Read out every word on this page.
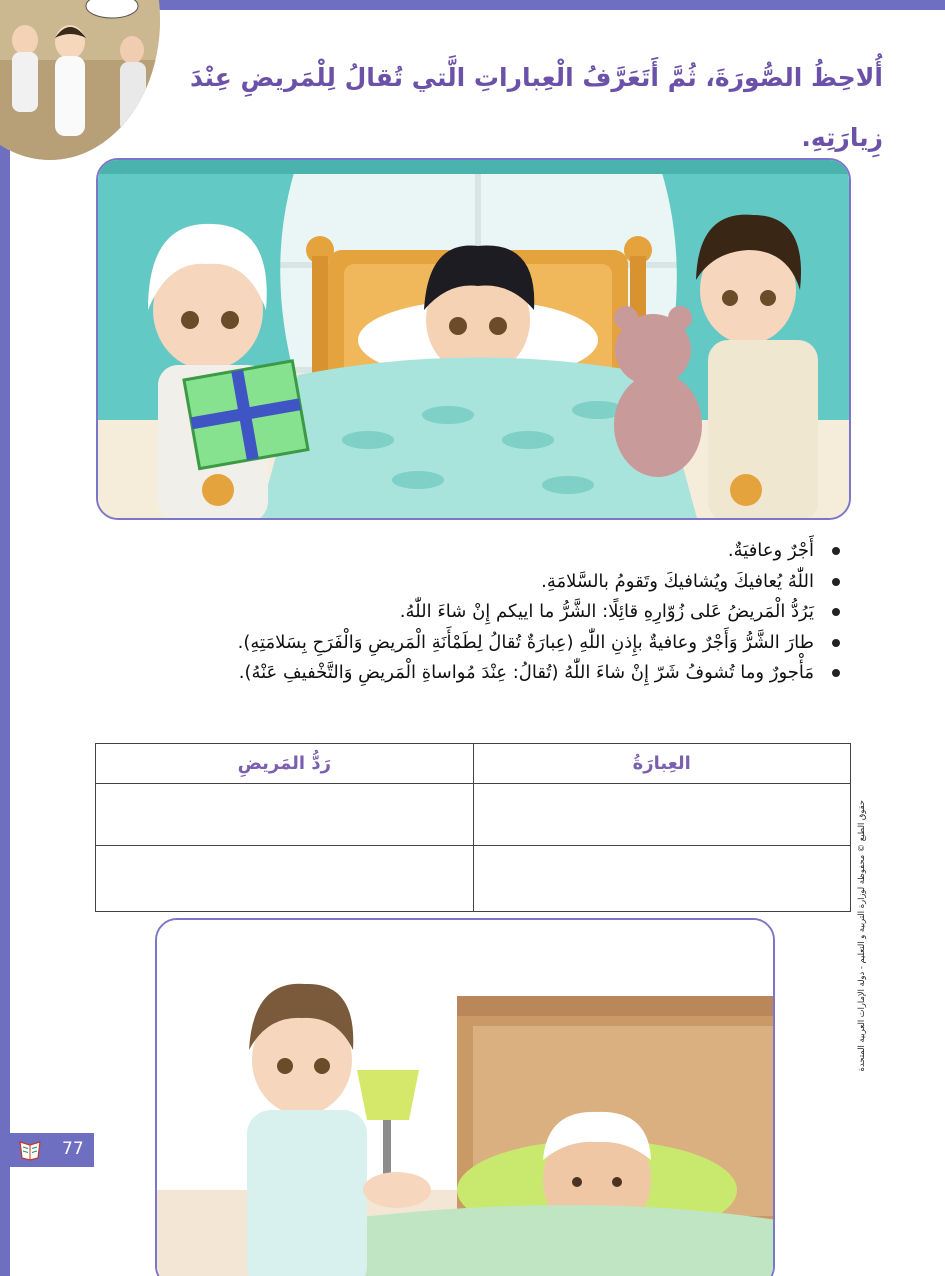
أُلاحِظُ الصُّورَةَ، ثُمَّ أَتَعَرَّفُ الْعِباراتِ الَّتي تُقالُ لِلْمَريضِ عِنْدَ زِيارَتِهِ.
أَجْرٌ وعافيَةٌ.
اللّٰهُ يُعافيكَ ويُشافيكَ وتَقومُ بالسَّلامَةِ.
يَرُدُّ الْمَريضُ عَلى زُوّارِهِ قائِلًا: الشَّرُّ ما اييكم إِنْ شاءَ اللّٰهُ.
طارَ الشَّرُّ وَأَجْرٌ وعافيةٌ بإِذنِ اللّٰهِ (عِبارَةٌ تُقالُ لِطَمْأَنَةِ الْمَريضِ وَالْفَرَحِ بِسَلامَتِهِ).
مَأْجورٌ وما تُشوفُ شَرّ إِنْ شاءَ اللّٰهُ (تُقالُ: عِنْدَ مُواساةِ الْمَريضِ وَالتَّخْفيفِ عَنْهُ).
العِبارَةُ	رَدُّ المَريضِ

حقوق الطبع © محفوظة لوزارة التربية و التعليم - دولة الإمارات العربية المتحدة
77
